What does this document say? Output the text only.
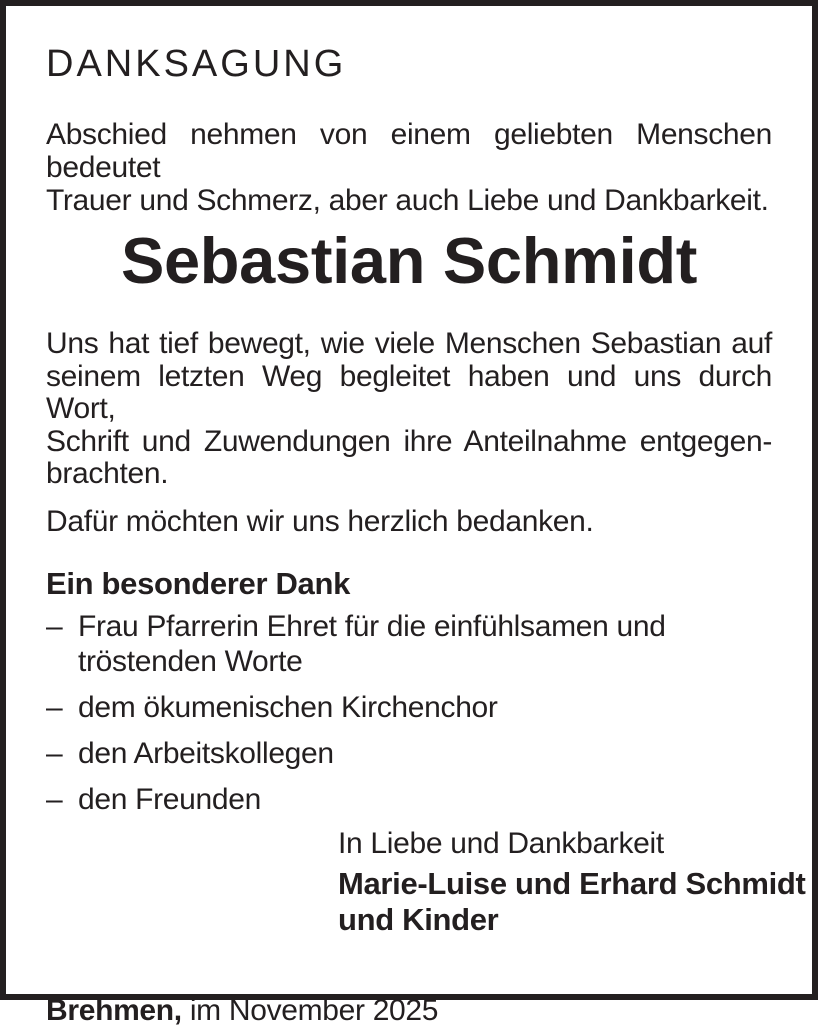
DANKSAGUNG
Abschied nehmen von einem geliebten Menschen bedeutet
Trauer und Schmerz, aber auch Liebe und Dankbarkeit.
Sebastian Schmidt
Uns hat tief bewegt, wie viele Menschen Sebastian auf
seinem letzten Weg begleitet haben und uns durch Wort,
Schrift und Zuwendungen ihre Anteilnahme entgegen-
brachten.
Dafür möchten wir uns herzlich bedanken.
Ein besonderer Dank
– Frau Pfarrerin Ehret für die einfühlsamen und
tröstenden Worte
– dem ökumenischen Kirchenchor
– den Arbeitskollegen
– den Freunden
In Liebe und Dankbarkeit
Marie-Luise und Erhard Schmidt
und Kinder
Brehmen, im November 2025
